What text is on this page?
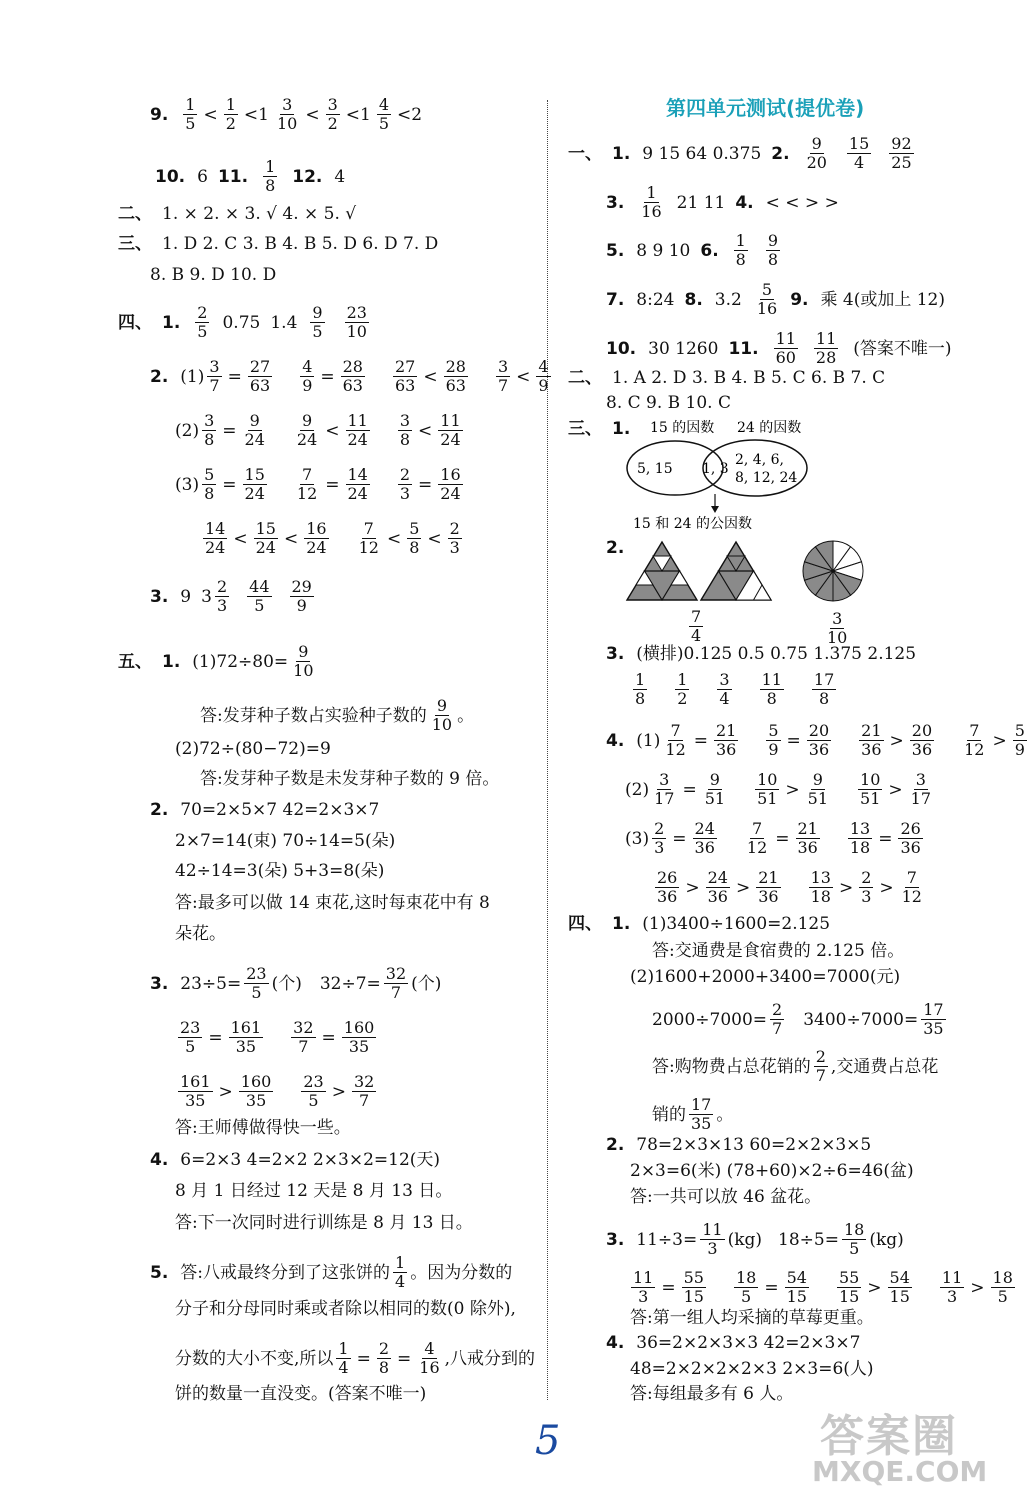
9. $\frac{1}{5} < \frac{1}{2} <1 \frac{3}{10} < \frac{3}{2} <1 \frac{4}{5} <2$
10. 6 11. $\frac{1}{8} 12$. 4
二、 1. × 2. × 3. √ 4. × 5. √
三、 1. D 2. C 3. B 4. B 5. D 6. D 7. D
8. B 9. D 10. D
四、 1. $\frac{2}{5} 0.75$ $1.4 \frac{9}{5} \frac{23}{10}$
2. $(1) \frac{3}{7} = \frac{27}{63} \frac{4}{9} = \frac{28}{63} \frac{27}{63} < \frac{28}{63} \frac{3}{7} < \frac{4}{9}$
$(2) \frac{3}{8} = \frac{9}{24} \frac{9}{24} < \frac{11}{24} \frac{3}{8} < \frac{11}{24}$
$(3) \frac{5}{8} = \frac{15}{24} \frac{7}{12} = \frac{14}{24} \frac{2}{3} = \frac{16}{24}$
$\frac{14}{24} < \frac{15}{24} < \frac{16}{24} \frac{7}{12} < \frac{5}{8} < \frac{2}{3}$
3. 9 $3 \frac{2}{3} \frac{44}{5} \frac{29}{9}$
五、 1. $(1)72\div 80= \frac{9}{10}$
答:发芽种子数占实验种子数的 $\frac{9}{10}$ 。
(2)72÷(80−72)=9
答:发芽种子数是未发芽种子数的 9 倍。
2. 70=2×5×7 42=2×3×7
2×7=14(束) 70÷14=5(朵)
42÷14=3(朵) 5+3=8(朵)
答:最多可以做 14 束花,这时每束花中有 8
朵花。
3. $23\div 5= \frac{23}{5}$ (个) $32\div 7= \frac{32}{7}$ (个)
$\frac{23}{5} = \frac{161}{35} \frac{32}{7} = \frac{160}{35}$
$\frac{161}{35} > \frac{160}{35} \frac{23}{5} > \frac{32}{7}$
答:王师傅做得快一些。
4. 6=2×3 4=2×2 2×3×2=12(天)
8 月 1 日经过 12 天是 8 月 13 日。
答:下一次同时进行训练是 8 月 13 日。
5. 答:八戒最终分到了这张饼的 $\frac{1}{4}$ 。因为分数的
分子和分母同时乘或者除以相同的数(0 除外),
分数的大小不变,所以 $\frac{1}{4} = \frac{2}{8} = \frac{4}{16}$ ,八戒分到的
饼的数量一直没变。(答案不唯一)
第四单元测试(提优卷)
一、 1. 9 15 64 0.375 2. $\frac{9}{20} \frac{15}{4} \frac{92}{25}$
3. $\frac{1}{16} 21$ 11 4. < < > >
5. 8 9 10 6. $\frac{1}{8} \frac{9}{8}$
7. 8:24 8. $3.2 \frac{5}{16} 9$. 乘 4(或加上 12)
10. 30 1260 11. $\frac{11}{60} \frac{11}{28}$ (答案不唯一)
二、 1. A 2. D 3. B 4. B 5. C 6. B 7. C
8. C 9. B 10. C
三、 1. 15 的因数 24 的因数
5, 15 1, 3
2, 4, 6,
8, 12, 24
15 和 24 的公因数
2.
$\frac{7}{4}$	$\frac{3}{10}$
3. (横排)0.125 0.5 0.75 1.375 2.125
$\frac{1}{8} \frac{1}{2} \frac{3}{4} \frac{11}{8} \frac{17}{8}$
4. $(1) \frac{7}{12} = \frac{21}{36} \frac{5}{9} = \frac{20}{36} \frac{21}{36} > \frac{20}{36} \frac{7}{12} > \frac{5}{9}$
$(2) \frac{3}{17} = \frac{9}{51} \frac{10}{51} > \frac{9}{51} \frac{10}{51} > \frac{3}{17}$
$(3) \frac{2}{3} = \frac{24}{36} \frac{7}{12} = \frac{21}{36} \frac{13}{18} = \frac{26}{36}$
$\frac{26}{36} > \frac{24}{36} > \frac{21}{36} \frac{13}{18} > \frac{2}{3} > \frac{7}{12}$
四、 1. (1)3400÷1600=2.125
答:交通费是食宿费的 2.125 倍。
(2)1600+2000+3400=7000(元)
$2000\div 7000= \frac{2}{7} 3400\div 7000= \frac{17}{35}$
答:购物费占总花销的 $\frac{2}{7}$ ,交通费占总花
销的 $\frac{17}{35}$ 。
2. 78=2×3×13 60=2×2×3×5
2×3=6(米) (78+60)×2÷6=46(盆)
答:一共可以放 46 盆花。
3. $11\div 3= \frac{11}{3} (kg)$ $18\div 5= \frac{18}{5} (kg)$
$\frac{11}{3} = \frac{55}{15} \frac{18}{5} = \frac{54}{15} \frac{55}{15} > \frac{54}{15} \frac{11}{3} > \frac{18}{5}$
答:第一组人均采摘的草莓更重。
4. 36=2×2×3×3 42=2×3×7
48=2×2×2×2×3 2×3=6(人)
答:每组最多有 6 人。
5	答案圈
MXQE.COM
